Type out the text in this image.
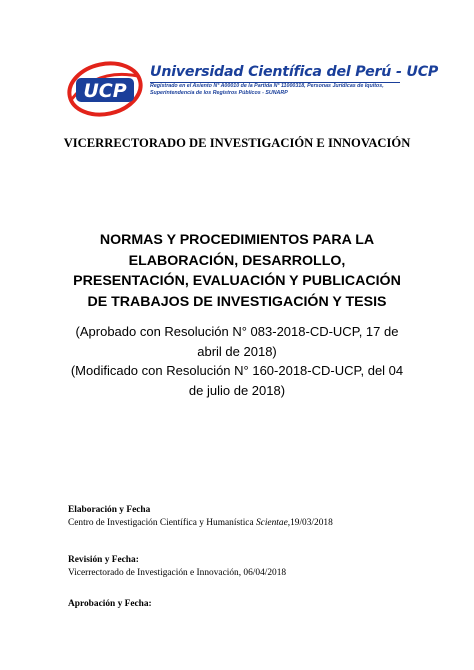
UCP
Universidad Científica del Perú - UCP
Registrado en el Asiento N° A00010 de la Partida N° 11000318, Personas Jurídicas de Iquitos,
Superintendencia de los Registros Públicos - SUNARP
VICERRECTORADO DE INVESTIGACIÓN E INNOVACIÓN
NORMAS Y PROCEDIMIENTOS PARA LA
ELABORACIÓN, DESARROLLO,
PRESENTACIÓN, EVALUACIÓN Y PUBLICACIÓN
DE TRABAJOS DE INVESTIGACIÓN Y TESIS
(Aprobado con Resolución N° 083-2018-CD-UCP, 17 de
abril de 2018)
(Modificado con Resolución N° 160-2018-CD-UCP, del 04
de julio de 2018)
Elaboración y Fecha
Centro de Investigación Científica y Humanística Scientae,19/03/2018
Revisión y Fecha:
Vicerrectorado de Investigación e Innovación, 06/04/2018
Aprobación y Fecha:
